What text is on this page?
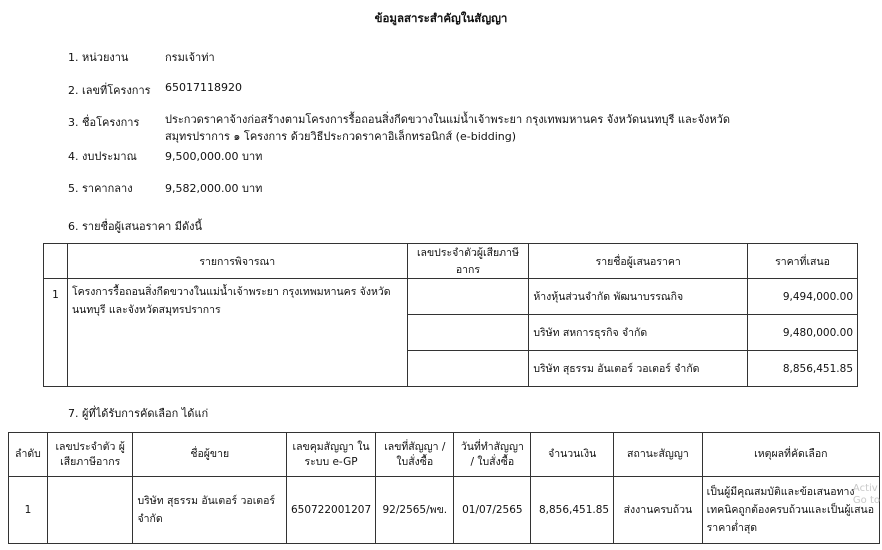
ข้อมูลสาระสำคัญในสัญญา
1. หน่วยงาน	กรมเจ้าท่า
2. เลขที่โครงการ 65017118920
3. ชื่อโครงการ ประกวดราคาจ้างก่อสร้างตามโครงการรื้อถอนสิ่งกีดขวางในแม่น้ำเจ้าพระยา กรุงเทพมหานคร จังหวัดนนทบุรี และจังหวัดสมุทรปราการ ๑ โครงการ ด้วยวิธีประกวดราคาอิเล็กทรอนิกส์ (e-bidding)
4. งบประมาณ	9,500,000.00 บาท
5. ราคากลาง	9,582,000.00 บาท
6. รายชื่อผู้เสนอราคา มีดังนี้
	รายการพิจารณา	เลขประจำตัวผู้เสียภาษีอากร	รายชื่อผู้เสนอราคา	ราคาที่เสนอ
1	โครงการรื้อถอนสิ่งกีดขวางในแม่น้ำเจ้าพระยา กรุงเทพมหานคร จังหวัดนนทบุรี และจังหวัดสมุทรปราการ		ห้างหุ้นส่วนจำกัด พัฒนาบรรณกิจ	9,494,000.00
			บริษัท สหการธุรกิจ จำกัด	9,480,000.00
			บริษัท สุธรรม อันเตอร์ วอเตอร์ จำกัด	8,856,451.85
7. ผู้ที่ได้รับการคัดเลือก ได้แก่
ลำดับ	เลขประจำตัว ผู้เสียภาษีอากร	ชื่อผู้ขาย	เลขคุมสัญญา ในระบบ e-GP	เลขที่สัญญา / ใบสั่งซื้อ	วันที่ทำสัญญา / ใบสั่งซื้อ	จำนวนเงิน	สถานะสัญญา	เหตุผลที่คัดเลือก
1		บริษัท สุธรรม อันเตอร์ วอเตอร์ จำกัด	650722001207	92/2565/พข.	01/07/2565	8,856,451.85	ส่งงานครบถ้วน	เป็นผู้มีคุณสมบัติและข้อเสนอทางเทคนิคถูกต้องครบถ้วนและเป็นผู้เสนอราคาต่ำสุด
Activ
Go to
